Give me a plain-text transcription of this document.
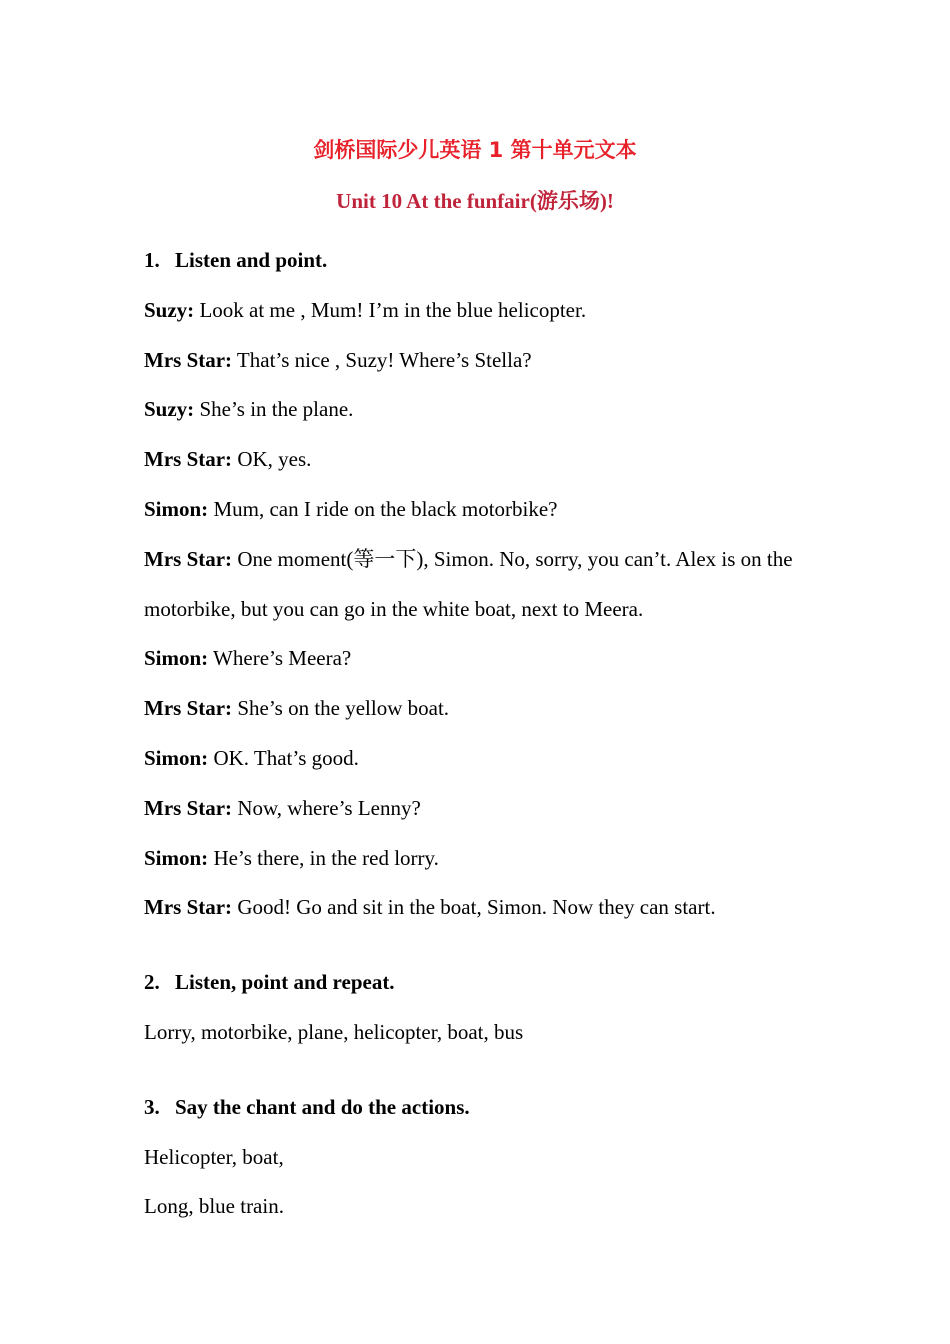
剑桥国际少儿英语 1 第十单元文本
Unit 10 At the funfair(游乐场)!
1. Listen and point.
Suzy: Look at me , Mum! I’m in the blue helicopter.
Mrs Star: That’s nice , Suzy! Where’s Stella?
Suzy: She’s in the plane.
Mrs Star: OK, yes.
Simon: Mum, can I ride on the black motorbike?
Mrs Star: One moment(等一下), Simon. No, sorry, you can’t. Alex is on the motorbike, but you can go in the white boat, next to Meera.
Simon: Where’s Meera?
Mrs Star: She’s on the yellow boat.
Simon: OK. That’s good.
Mrs Star: Now, where’s Lenny?
Simon: He’s there, in the red lorry.
Mrs Star: Good! Go and sit in the boat, Simon. Now they can start.
2. Listen, point and repeat.
Lorry, motorbike, plane, helicopter, boat, bus
3. Say the chant and do the actions.
Helicopter, boat,
Long, blue train.
